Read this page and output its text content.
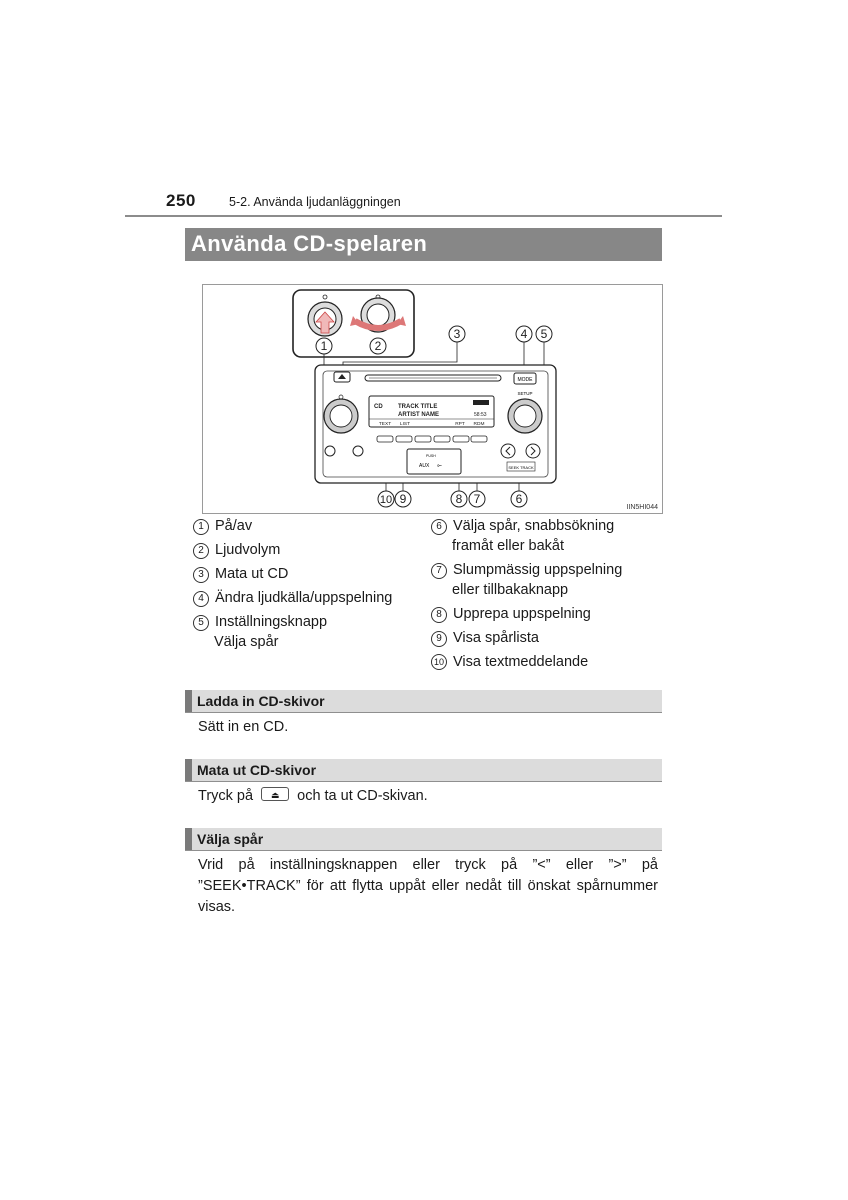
250	5-2. Använda ljudanläggningen
Använda CD-spelaren
1	2
3	4 5
10 9	8 7	6
MODE
SETUP
CD	TRACK TITLE
ARTIST NAME	58:53
TEXT LIST	RPT RDM
PUSH
AUX ⟜	SEEK TRACK
IIN5HI044
1 På/av
2 Ljudvolym
3 Mata ut CD
4 Ändra ljudkälla/uppspelning
5 Inställningsknapp
Välja spår
6 Välja spår, snabbsökning
framåt eller bakåt
7 Slumpmässig uppspelning
eller tillbakaknapp
8 Upprepa uppspelning
9 Visa spårlista
10 Visa textmeddelande
Ladda in CD-skivor
Sätt in en CD.
Mata ut CD-skivor
Tryck på ⏏	och ta ut CD-skivan.
Välja spår
Vrid på inställningsknappen eller tryck på ”<” eller ”>” på ”SEEK•TRACK” för att flytta uppåt eller nedåt till önskat spårnummer visas.
